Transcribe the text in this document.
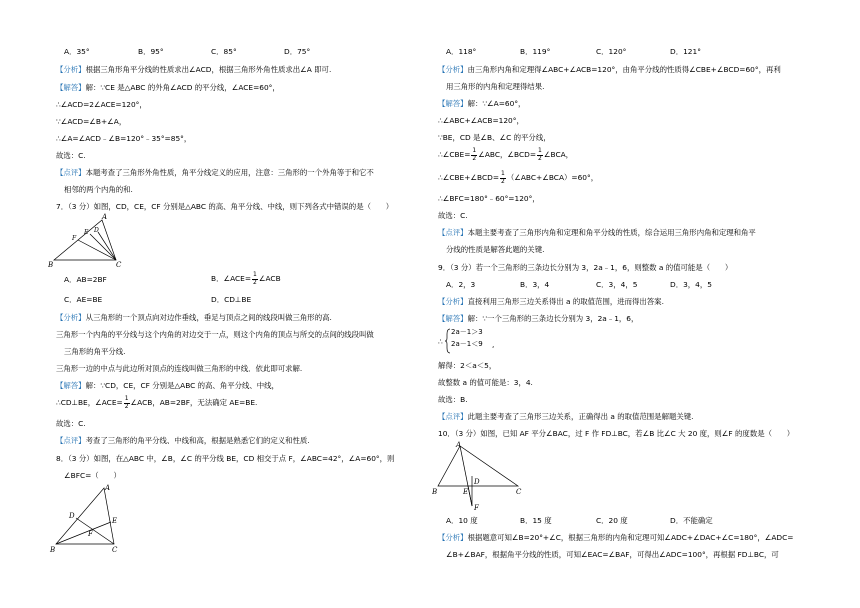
A．35°	B．95°	C．85°	D．75°
【分析】根据三角形角平分线的性质求出∠ACD，根据三角形外角性质求出∠A 即可.
【解答】解：∵CE 是△ABC 的外角∠ACD 的平分线，∠ACE=60°，
∴∠ACD=2∠ACE=120°，
∵∠ACD=∠B+∠A，
∴∠A=∠ACD﹣∠B=120°﹣35°=85°，
故选：C.
【点评】本题考查了三角形外角性质，角平分线定义的应用，注意：三角形的一个外角等于和它不
相邻的两个内角的和.
7．（3 分）如图，CD，CE，CF 分别是△ABC 的高、角平分线、中线，则下列各式中错误的是（　　）
A
B	C
D
E
F
A．AB=2BF	B．∠ACE= $\frac{1}{2}$ ∠ACB
C．AE=BE	D．CD⊥BE
【分析】从三角形的一个顶点向对边作垂线，垂足与顶点之间的线段叫做三角形的高.
三角形一个内角的平分线与这个内角的对边交于一点，则这个内角的顶点与所交的点间的线段叫做
三角形的角平分线.
三角形一边的中点与此边所对顶点的连线叫做三角形的中线．依此即可求解.
【解答】解：∵CD，CE，CF 分别是△ABC 的高、角平分线、中线，
∴CD⊥BE，∠ACE= $\frac{1}{2}$ ∠ACB，AB=2BF，无法确定 AE=BE.
故选：C.
【点评】考查了三角形的角平分线、中线和高，根据是熟悉它们的定义和性质.
8．（3 分）如图，在△ABC 中，∠B，∠C 的平分线 BE，CD 相交于点 F，∠ABC=42°，∠A=60°，则
∠BFC=（　　）
A
B	C
D
E
F
A．118°	B．119°	C．120°	D．121°
【分析】由三角形内角和定理得∠ABC+∠ACB=120°，由角平分线的性质得∠CBE+∠BCD=60°，再利
用三角形的内角和定理得结果.
【解答】解：∵∠A=60°，
∴∠ABC+∠ACB=120°，
∵BE，CD 是∠B、∠C 的平分线，
∴∠CBE= $\frac{1}{2}$ ∠ABC，∠BCD= $\frac{1}{2}$ ∠BCA，
∴∠CBE+∠BCD= $\frac{1}{2}$ （∠ABC+∠BCA）=60°，
∴∠BFC=180°﹣60°=120°，
故选：C.
【点评】本题主要考查了三角形内角和定理和角平分线的性质，综合运用三角形内角和定理和角平
分线的性质是解答此题的关键.
9．（3 分）若一个三角形的三条边长分别为 3，2a﹣1，6，则整数 a 的值可能是（　　）
A．2，3	B．3，4	C．3，4，5	D．3，4，5
【分析】直接利用三角形三边关系得出 a 的取值范围，进而得出答案.
【解答】解：∵一个三角形的三条边长分别为 3，2a﹣1，6，
∴
2a－1＞3
2a－1＜9 ,
解得：2＜a＜5，
故整数 a 的值可能是：3，4.
故选：B.
【点评】此题主要考查了三角形三边关系，正确得出 a 的取值范围是解题关键.
10．（3 分）如图，已知 AF 平分∠BAC，过 F 作 FD⊥BC，若∠B 比∠C 大 20 度，则∠F 的度数是（　　）
A
B	C
D
E
F
A．10 度	B．15 度	C．20 度	D．不能确定
【分析】根据题意可知∠B=20°+∠C，根据三角形的内角和定理可知∠ADC+∠DAC+∠C=180°，∠ADC=
∠B+∠BAF，根据角平分线的性质，可知∠EAC=∠BAF，可得出∠ADC=100°，再根据 FD⊥BC，可
